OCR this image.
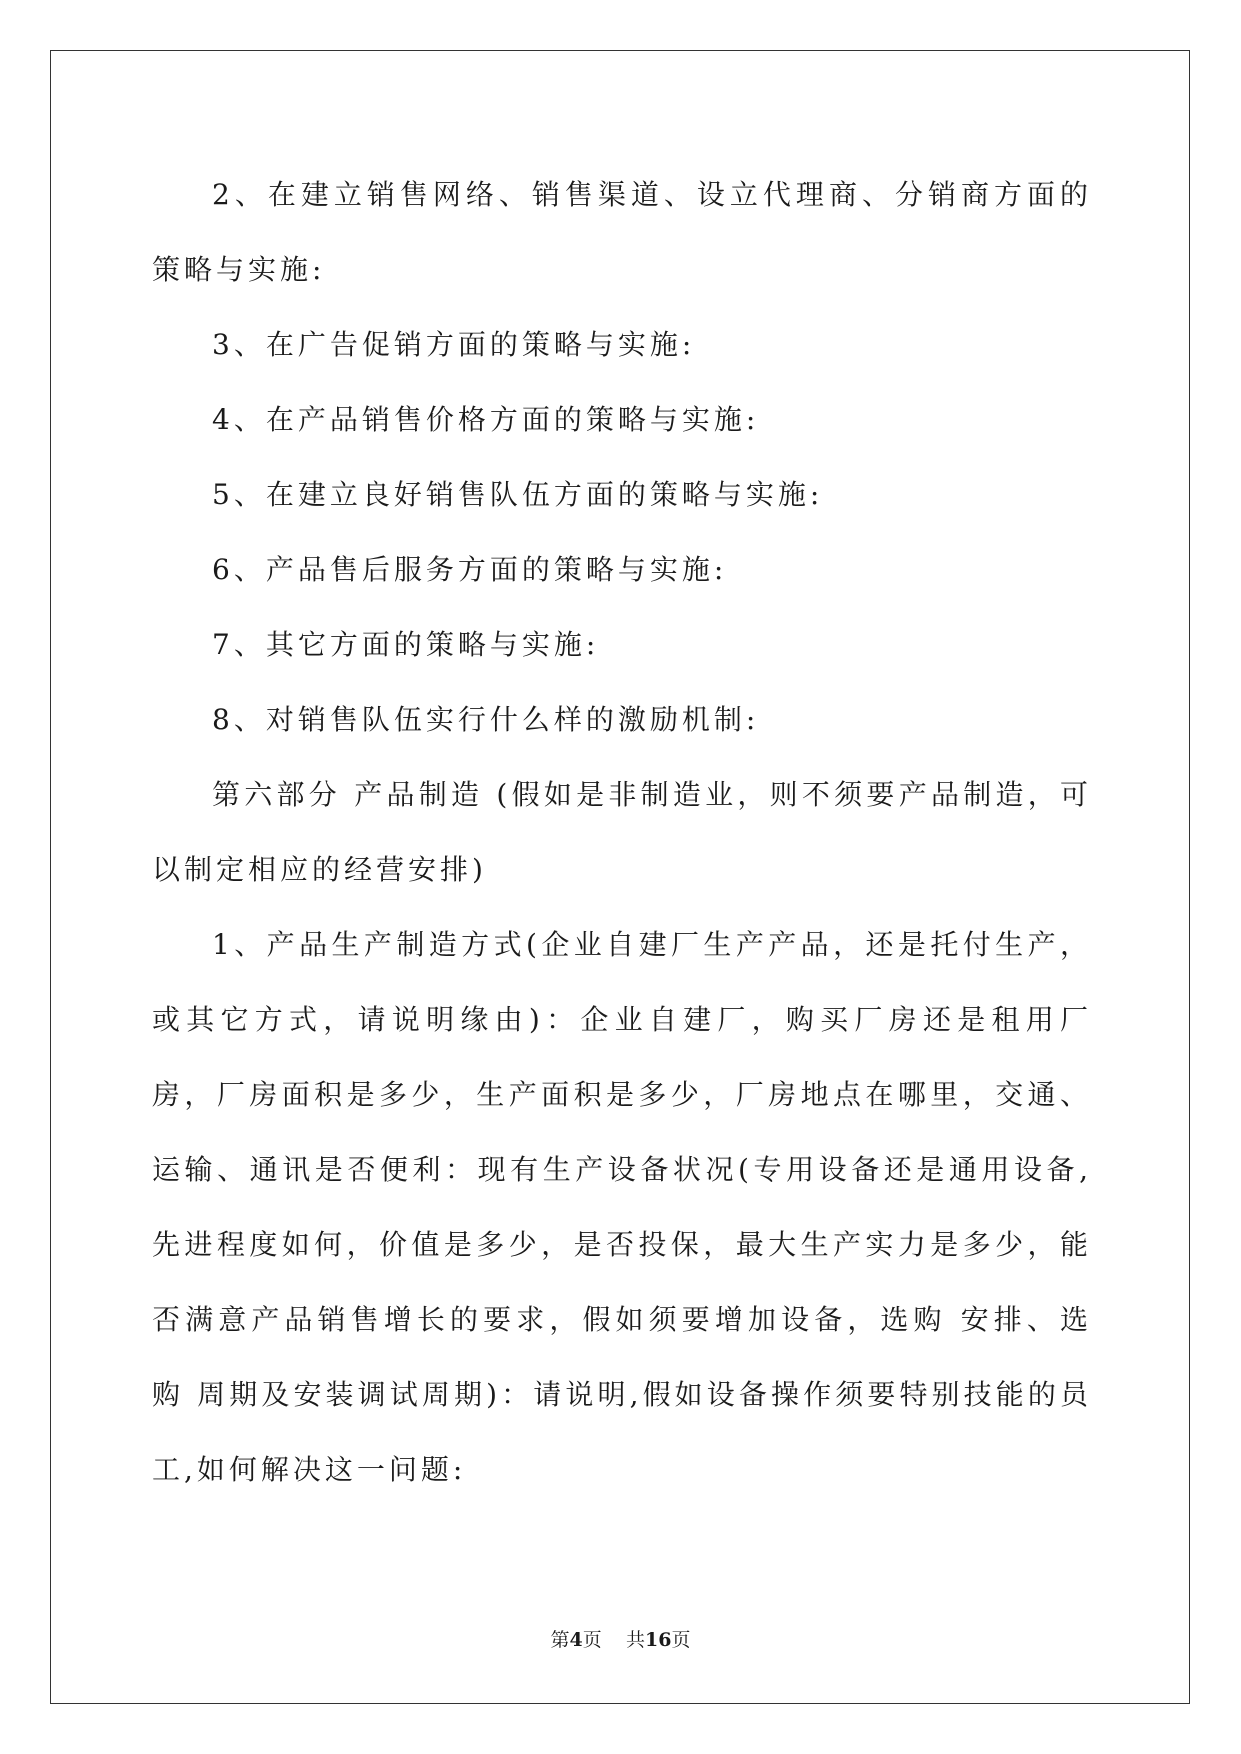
2、在建立销售网络、销售渠道、设立代理商、分销商方面的策略与实施:

3、在广告促销方面的策略与实施:

4、在产品销售价格方面的策略与实施:

5、在建立良好销售队伍方面的策略与实施:

6、产品售后服务方面的策略与实施:

7、其它方面的策略与实施:

8、对销售队伍实行什么样的激励机制:

第六部分 产品制造 (假如是非制造业，则不须要产品制造，可以制定相应的经营安排)

1、产品生产制造方式(企业自建厂生产产品，还是托付生产，或其它方式，请说明缘由)：企业自建厂，购买厂房还是租用厂房，厂房面积是多少，生产面积是多少，厂房地点在哪里，交通、运输、通讯是否便利：现有生产设备状况(专用设备还是通用设备,先进程度如何，价值是多少，是否投保，最大生产实力是多少，能否满意产品销售增长的要求，假如须要增加设备，选购 安排、选购 周期及安装调试周期)：请说明,假如设备操作须要特别技能的员工,如何解决这一问题:

第4页 共16页
